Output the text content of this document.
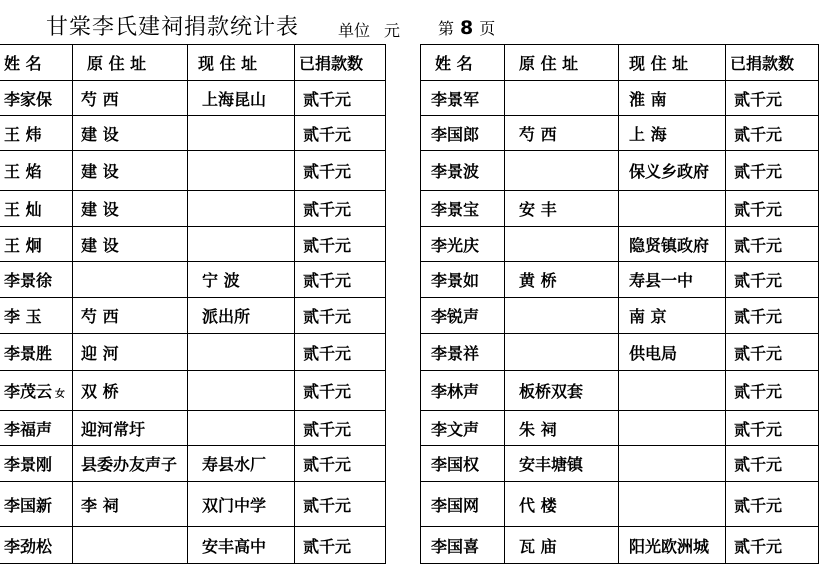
甘棠李氏建祠捐款统计表 单位 元 第 8 页
姓 名	原 住 址	现 住 址	已捐款数
李家保	芍 西	上海昆山	贰千元
王 炜	建 设		贰千元
王 焰	建 设		贰千元
王 灿	建 设		贰千元
王 炯	建 设		贰千元
李景徐		宁 波	贰千元
李 玉	芍 西	派出所	贰千元
李景胜	迎 河		贰千元
李茂云 女	双 桥		贰千元
李福声	迎河常圩		贰千元
李景刚	县委办友声子	寿县水厂	贰千元
李国新	李 祠	双门中学	贰千元
李劲松		安丰高中	贰千元
姓 名	原 住 址	现 住 址	已捐款数
李景军		淮 南	贰千元
李国郎	芍 西	上 海	贰千元
李景波		保义乡政府	贰千元
李景宝	安 丰		贰千元
李光庆		隐贤镇政府	贰千元
李景如	黄 桥	寿县一中	贰千元
李锐声		南 京	贰千元
李景祥		供电局	贰千元
李林声	板桥双套		贰千元
李文声	朱 祠		贰千元
李国权	安丰塘镇		贰千元
李国网	代 楼		贰千元
李国喜	瓦 庙	阳光欧洲城	贰千元
